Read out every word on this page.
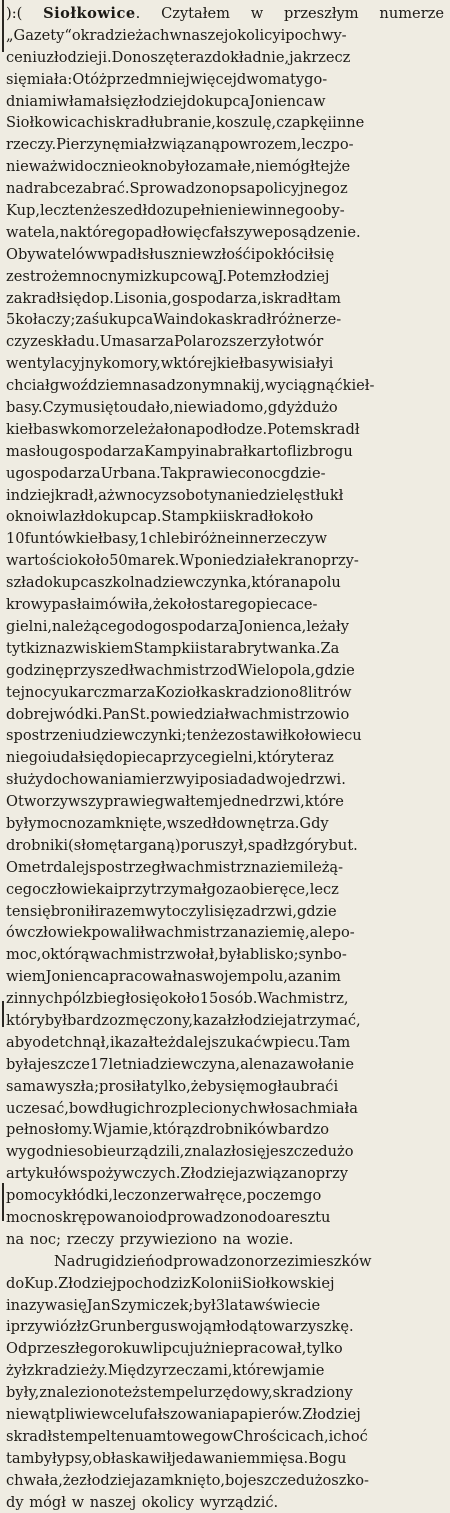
):( Siołkowice. Czytałem w przeszłym numerze
„Gazety“okradzieżachwnaszejokolicyipochwy-
ceniuzłodzieji.Donoszęterazdokładnie,jakrzecz
sięmiała:Otóżprzedmniejwięcejdwomatygo-
dniamiwłamałsięzłodziejdokupcaJoniencaw
Siołkowicachiskradłubranie,koszulę,czapkęiinne
rzeczy.Pierzynęmiałzwiązanąpowrozem,leczpo-
nieważwidocznieoknobyłozamałe,niemógłtejże
nadrabcezabrać.Sprowadzonopsapolicyjnegoz
Kup,lecztenżeszedłdozupełnieniewinnegooby-
watela,naktóregopadłowięcfałszyweposądzenie.
Obywatelówwpadłsłuszniewzłośćipokłóciłsię
zestrożemnocnymizkupcowąJ.Potemzłodziej
zakradłsiędop.Lisonia,gospodarza,iskradłtam
5kołaczy;zaśukupcaWaindokaskradłróżnerze-
czyzeskładu.UmasarzaPolarozszerzyłotwór
wentylacyjnykomory,wktórejkiełbasywisiałyi
chciałgwoździemnasadzonymnakij,wyciągnąćkieł-
basy.Czymusiętoudało,niewiadomo,gdyżdużo
kiełbaswkomorzeleżałonapodłodze.Potemskradł
masłougospodarzaKampyinabrałkartoflizbrogu
ugospodarzaUrbana.Takprawieconocgdzie-
indziejkradł,ażwnocyzsobotynaniedzielęstłukł
oknoiwlazłdokupcap.Stampkiiskradłokoło
10funtówkiełbasy,1chlebiróżneinnerzeczyw
wartościokoło50marek.Wponiedziałekranoprzy-
szładokupcaszkolnadziewczynka,któranapolu
krowypasłaimówiła,żekołostaregopiecace-
gielni,należącegodogospodarzaJonienca,leżały
tytkiznazwiskiemStampkiistarabrytwanka.Za
godzinęprzyszedłwachmistrzodWielopola,gdzie
tejnocyukarczmarzaKoziołkaskradziono8litrów
dobrejwódki.PanSt.powiedziałwachmistrzowio
spostrzeniudziewczynki;tenżezostawiłkołowiecu
niegoiudałsiędopiecaprzycegielni,któryteraz
służydochowaniamierzwyiposiadadwojedrzwi.
Otworzywszyprawiegwałtemjednedrzwi,które
byłymocnozamknięte,wszedłdownętrza.Gdy
drobniki(słomętarganą)poruszył,spadłzgórybut.
Ometrdalejspostrzegłwachmistrznaziemileżą-
cegoczłowiekaiprzytrzymałgozaobieręce,lecz
tensiębroniłirazemwytoczylisięzadrzwi,gdzie
ówczłowiekpowaliłwachmistrzanaziemię,alepo-
moc,októrąwachmistrzwołał,byłablisko;synbo-
wiemJoniencapracowałnaswojempolu,azanim
zinnychpólzbiegłosięokoło15osób.Wachmistrz,
którybyłbardzozmęczony,kazałzłodziejatrzymać,
abyodetchnął,ikazałteżdalejszukaćwpiecu.Tam
byłajeszcze17letniadziewczyna,alenazawołanie
samawyszła;prosiłatylko,żebysięmogłaubraći
uczesać,bowdługichrozplecionychwłosachmiała
pełnosłomy.Wjamie,którązdrobnikówbardzo
wygodniesobieurządzili,znalazłosięjeszczedużo
artykułówspożywczych.Złodziejazwiązanoprzy
pomocykłódki,leczonzerwałręce,poczemgo
mocnoskrępowanoiodprowadzonodoaresztu
na noc; rzeczy przywieziono na wozie.
Nadrugidzieńodprowadzonorzezimieszków
doKup.ZłodziejpochodzizKoloniiSiołkowskiej
inazywasięJanSzymiczek;był3latawświecie
iprzywiózłzGrunberguswojąmłodątowarzyszkę.
Odprzeszłegorokuwlipcujużniepracował,tylko
żyłzkradzieży.Międzyrzeczami,którewjamie
były,znalezionoteżstempelurzędowy,skradziony
niewątpliwiewcelufałszowaniapapierów.Złodziej
skradłstempeltenuamtowegowChrościcach,ichoć
tambyłypsy,obłaskawiłjedawaniemmięsa.Bogu
chwała,żezłodziejazamknięto,bojeszczedużoszko-
dy mógł w naszej okolicy wyrządzić.
